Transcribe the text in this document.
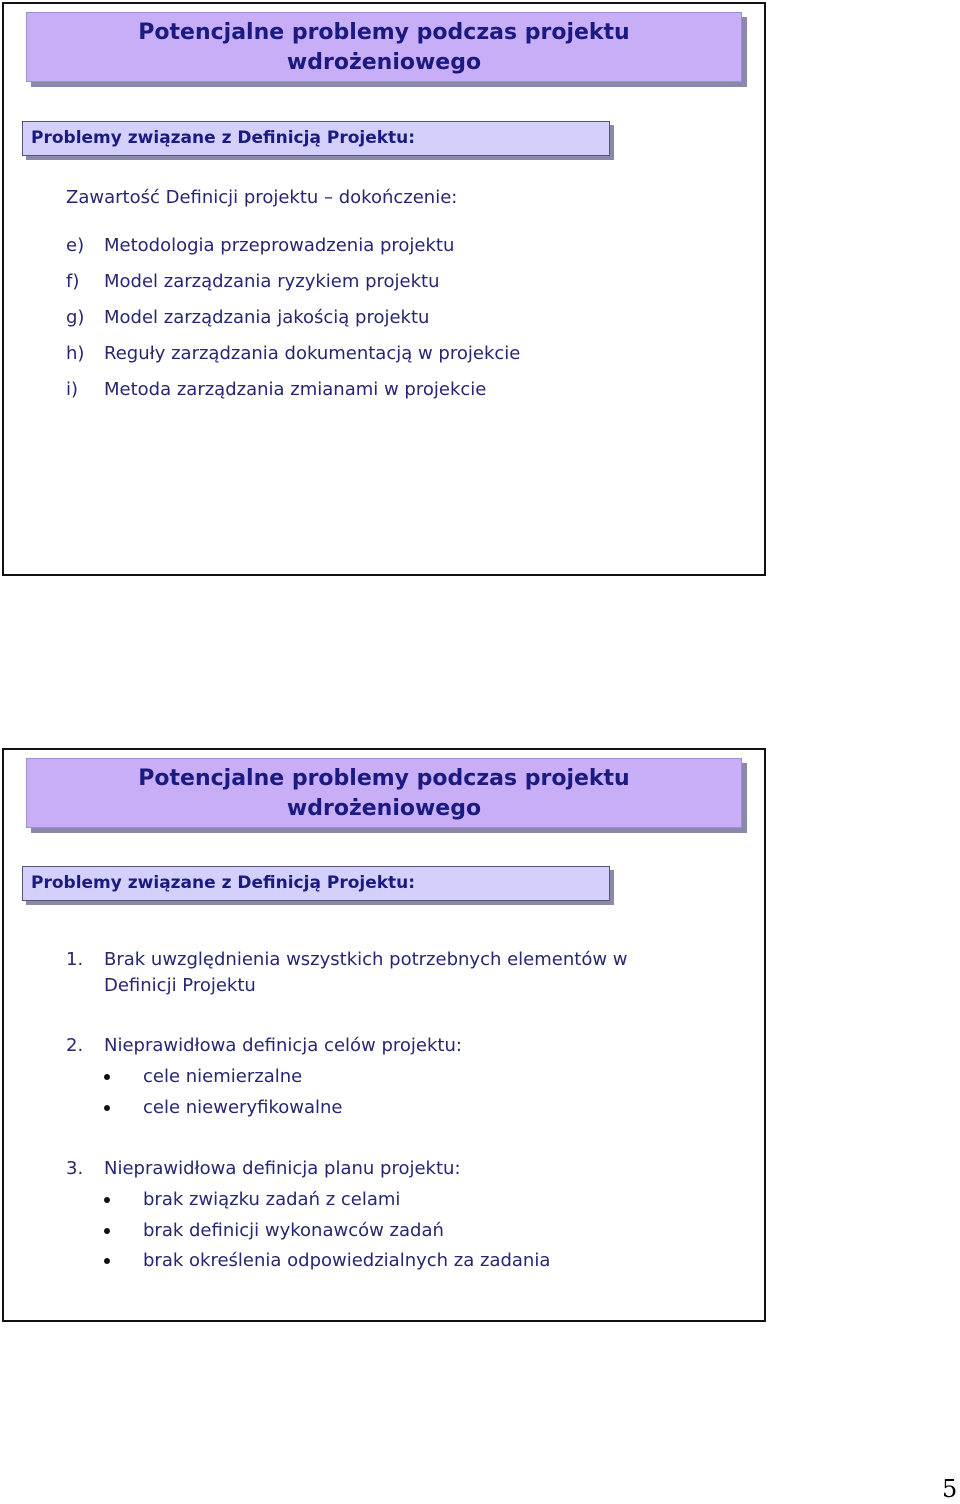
Potencjalne problemy podczas projektu
wdrożeniowego
Problemy związane z Definicją Projektu:
Zawartość Definicji projektu – dokończenie:
e) Metodologia przeprowadzenia projektu
f) Model zarządzania ryzykiem projektu
g) Model zarządzania jakością projektu
h) Reguły zarządzania dokumentacją w projekcie
i) Metoda zarządzania zmianami w projekcie
Potencjalne problemy podczas projektu
wdrożeniowego
Problemy związane z Definicją Projektu:
1. Brak uwzględnienia wszystkich potrzebnych elementów w
Definicji Projektu
2. Nieprawidłowa definicja celów projektu:
cele niemierzalne
cele nieweryfikowalne
3. Nieprawidłowa definicja planu projektu:
brak związku zadań z celami
brak definicji wykonawców zadań
brak określenia odpowiedzialnych za zadania
5
